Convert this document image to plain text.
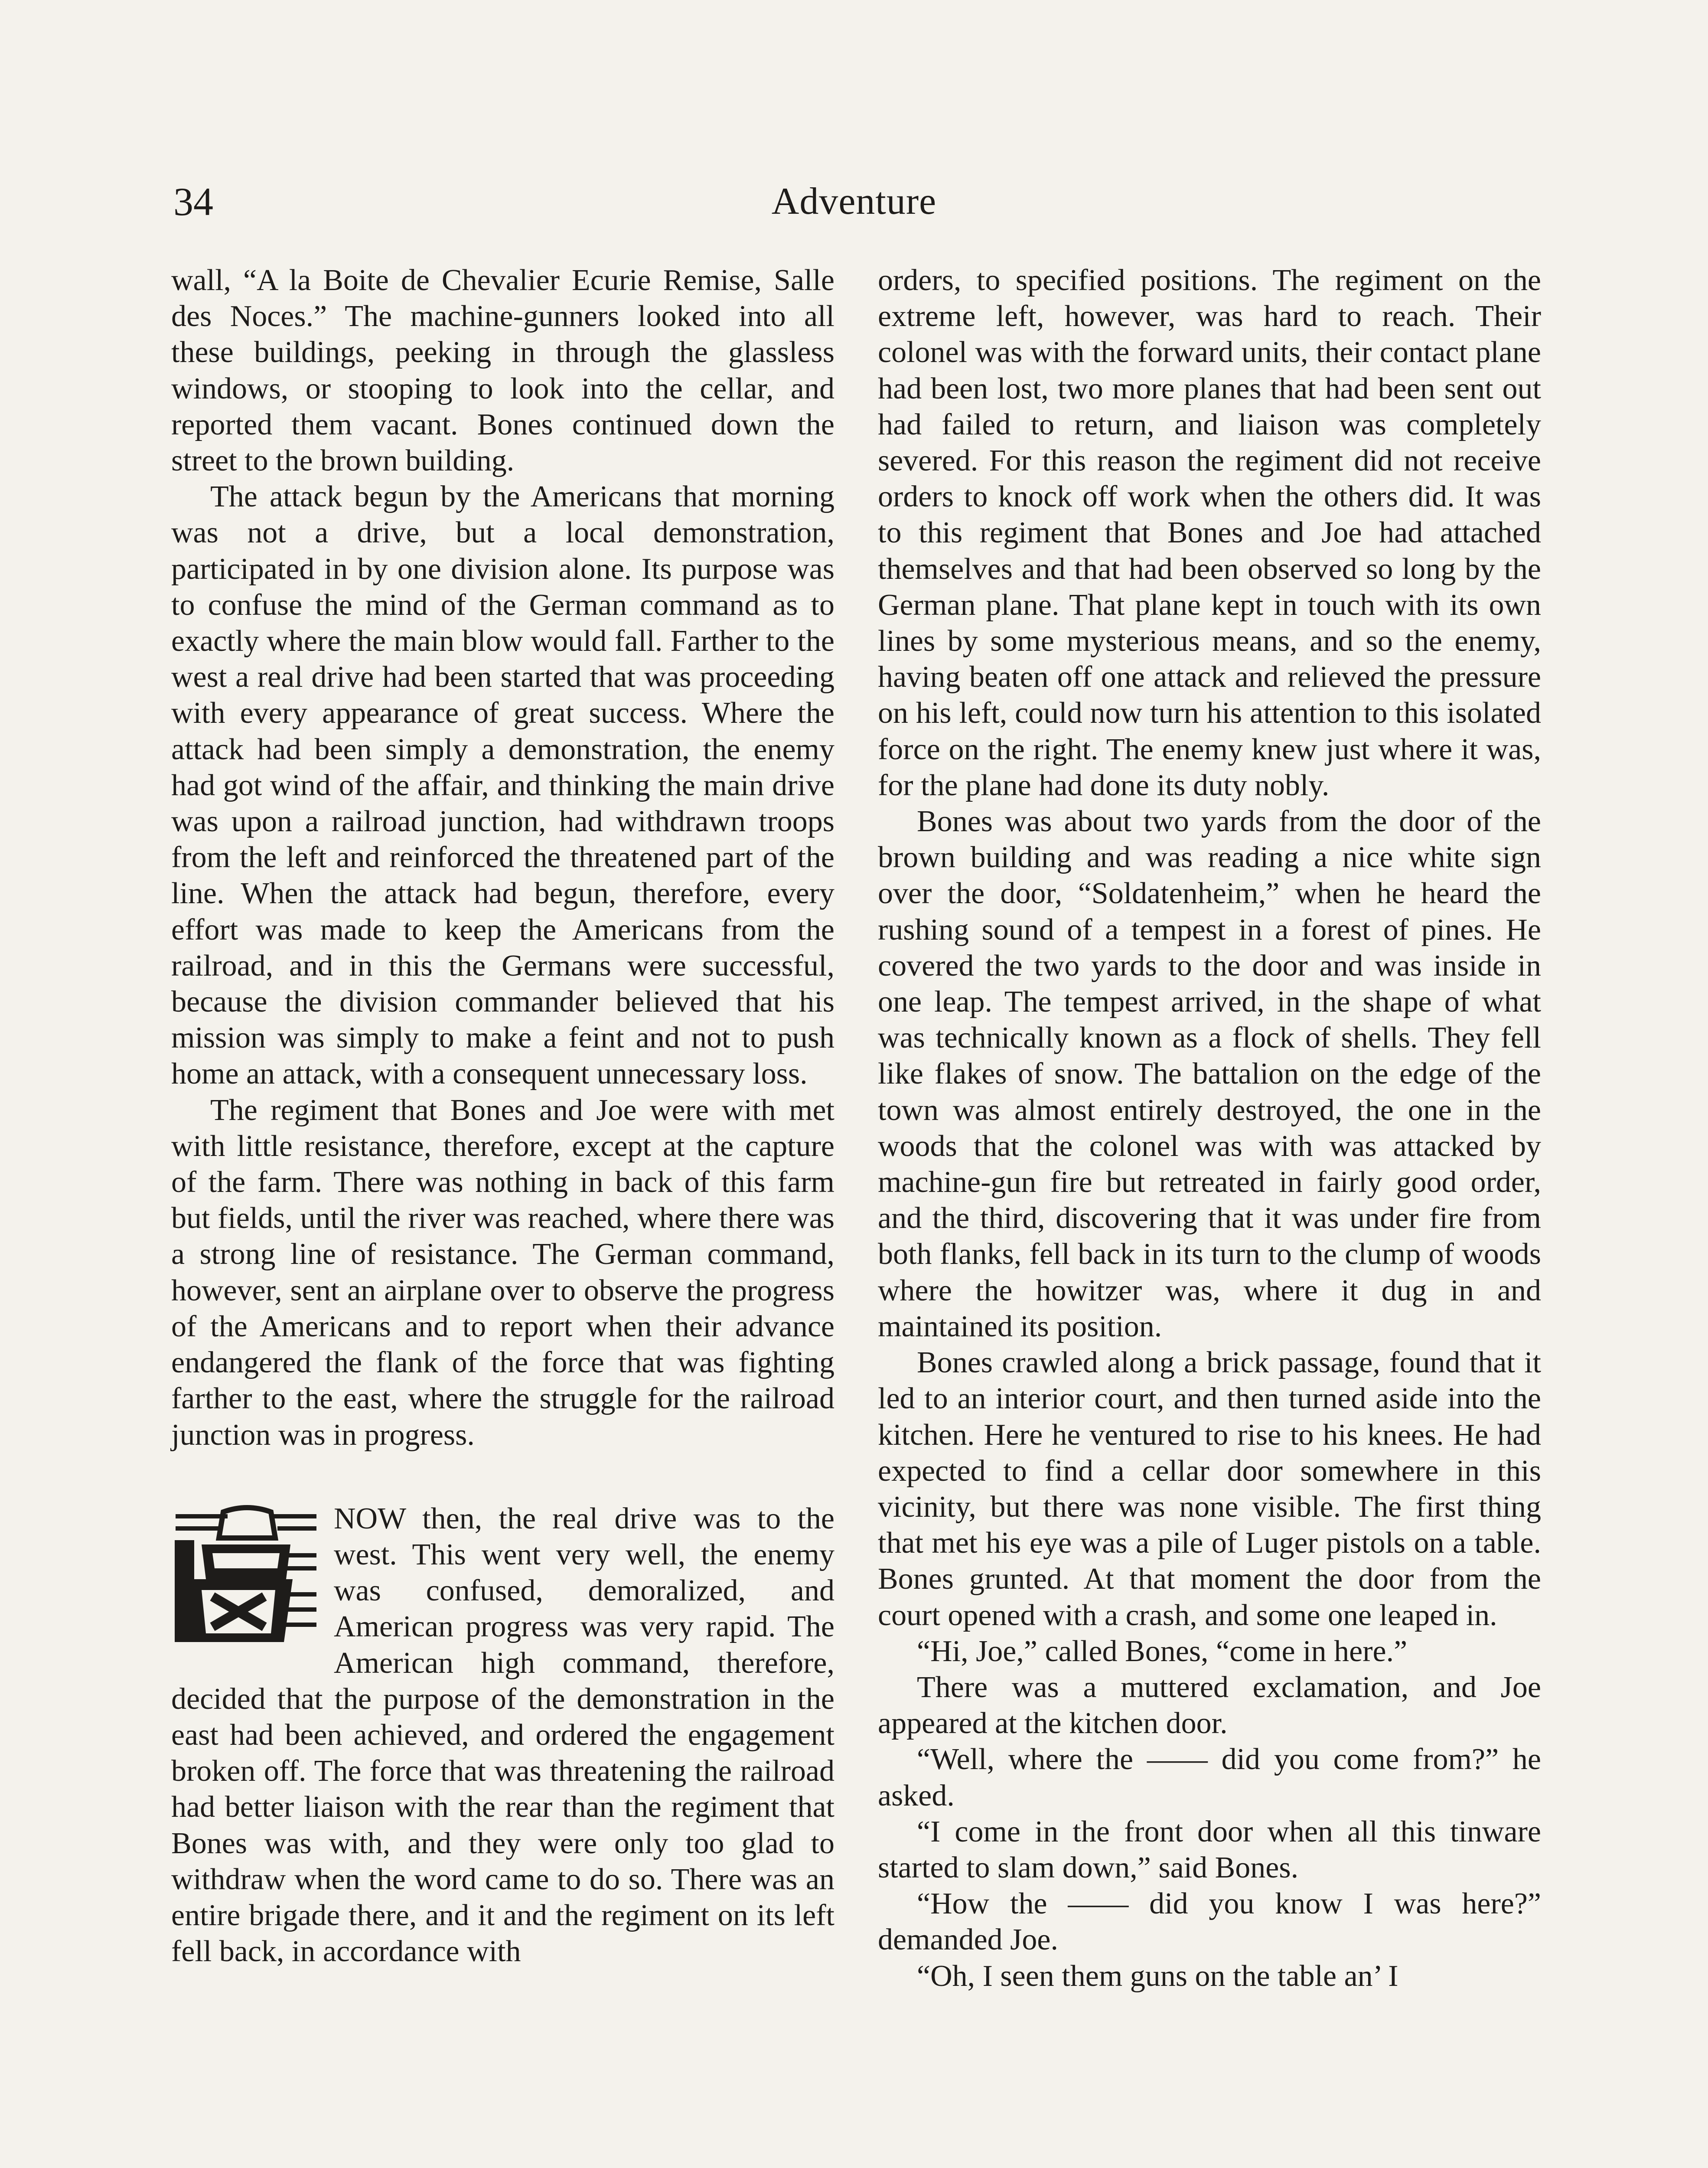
34	Adventure

wall, “A la Boite de Chevalier Ecurie Remise, Salle des Noces.” The machine-gunners looked into all these buildings, peeking in through the glassless windows, or stooping to look into the cellar, and reported them vacant. Bones continued down the street to the brown building.

The attack begun by the Americans that morning was not a drive, but a local demonstration, participated in by one division alone. Its purpose was to confuse the mind of the German command as to exactly where the main blow would fall. Farther to the west a real drive had been started that was proceeding with every appearance of great success. Where the attack had been simply a demonstration, the enemy had got wind of the affair, and thinking the main drive was upon a railroad junction, had withdrawn troops from the left and reinforced the threatened part of the line. When the attack had begun, therefore, every effort was made to keep the Americans from the railroad, and in this the Germans were successful, because the division commander believed that his mission was simply to make a feint and not to push home an attack, with a consequent unnecessary loss.

The regiment that Bones and Joe were with met with little resistance, therefore, except at the capture of the farm. There was nothing in back of this farm but fields, until the river was reached, where there was a strong line of resistance. The German command, however, sent an airplane over to observe the progress of the Americans and to report when their advance endangered the flank of the force that was fighting farther to the east, where the struggle for the railroad junction was in progress.

NOW then, the real drive was to the west. This went very well, the enemy was confused, demoralized, and American progress was very rapid. The American high command, therefore, decided that the purpose of the demonstration in the east had been achieved, and ordered the engagement broken off. The force that was threatening the railroad had better liaison with the rear than the regiment that Bones was with, and they were only too glad to withdraw when the word came to do so. There was an entire brigade there, and it and the regiment on its left fell back, in accordance with

orders, to specified positions. The regiment on the extreme left, however, was hard to reach. Their colonel was with the forward units, their contact plane had been lost, two more planes that had been sent out had failed to return, and liaison was completely severed. For this reason the regiment did not receive orders to knock off work when the others did. It was to this regiment that Bones and Joe had attached themselves and that had been observed so long by the German plane. That plane kept in touch with its own lines by some mysterious means, and so the enemy, having beaten off one attack and relieved the pressure on his left, could now turn his attention to this isolated force on the right. The enemy knew just where it was, for the plane had done its duty nobly.

Bones was about two yards from the door of the brown building and was reading a nice white sign over the door, “Soldatenheim,” when he heard the rushing sound of a tempest in a forest of pines. He covered the two yards to the door and was inside in one leap. The tempest arrived, in the shape of what was technically known as a flock of shells. They fell like flakes of snow. The battalion on the edge of the town was almost entirely destroyed, the one in the woods that the colonel was with was attacked by machine-gun fire but retreated in fairly good order, and the third, discovering that it was under fire from both flanks, fell back in its turn to the clump of woods where the howitzer was, where it dug in and maintained its position.

Bones crawled along a brick passage, found that it led to an interior court, and then turned aside into the kitchen. Here he ventured to rise to his knees. He had expected to find a cellar door somewhere in this vicinity, but there was none visible. The first thing that met his eye was a pile of Luger pistols on a table. Bones grunted. At that moment the door from the court opened with a crash, and some one leaped in.

“Hi, Joe,” called Bones, “come in here.”

There was a muttered exclamation, and Joe appeared at the kitchen door.

“Well, where the —— did you come from?” he asked.

“I come in the front door when all this tinware started to slam down,” said Bones.

“How the —— did you know I was here?” demanded Joe.

“Oh, I seen them guns on the table an’ I
